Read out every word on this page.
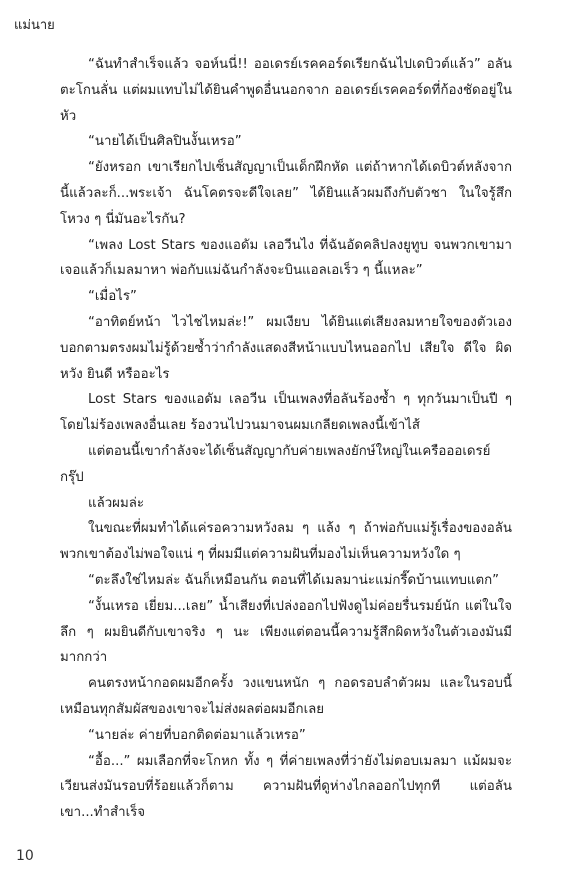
แม่นาย

“ฉันทำสำเร็จแล้ว จอห์นนี่!! ออเดรย์เรคคอร์ดเรียกฉันไปเดบิวต์แล้ว” อลันตะโกนลั่น แต่ผมแทบไม่ได้ยินคำพูดอื่นนอกจาก ออเดรย์เรคคอร์ดที่ก้องชัดอยู่ในหัว

“นายได้เป็นศิลปินงั้นเหรอ”

“ยังหรอก เขาเรียกไปเซ็นสัญญาเป็นเด็กฝึกหัด แต่ถ้าหากได้เดบิวต์หลังจากนี้แล้วละก็...พระเจ้า ฉันโคตรจะดีใจเลย” ได้ยินแล้วผมถึงกับตัวชา ในใจรู้สึกโหวง ๆ นี่มันอะไรกัน?

“เพลง Lost Stars ของแอดัม เลอวีนไง ที่ฉันอัดคลิปลงยูทูบ จนพวกเขามาเจอแล้วก็เมลมาหา พ่อกับแม่ฉันกำลังจะบินแอลเอเร็ว ๆ นี้แหละ”

“เมื่อไร”

“อาทิตย์หน้า ไวไชไหมล่ะ!” ผมเงียบ ได้ยินแต่เสียงลมหายใจของตัวเองบอกตามตรงผมไม่รู้ด้วยซ้ำว่ากำลังแสดงสีหน้าแบบไหนออกไป เสียใจ ดีใจ ผิดหวัง ยินดี หรืออะไร

Lost Stars ของแอดัม เลอวีน เป็นเพลงที่อลันร้องซ้ำ ๆ ทุกวันมาเป็นปี ๆ โดยไม่ร้องเพลงอื่นเลย ร้องวนไปวนมาจนผมเกลียดเพลงนี้เข้าไส้

แต่ตอนนี้เขากำลังจะได้เซ็นสัญญากับค่ายเพลงยักษ์ใหญ่ในเครือออเดรย์กรุ๊ป

แล้วผมล่ะ

ในขณะที่ผมทำได้แค่รอความหวังลม ๆ แล้ง ๆ ถ้าพ่อกับแม่รู้เรื่องของอลันพวกเขาต้องไม่พอใจแน่ ๆ ที่ผมมีแต่ความฝันที่มองไม่เห็นความหวังใด ๆ

“ตะลึงใช่ไหมล่ะ ฉันก็เหมือนกัน ตอนที่ได้เมลมาน่ะแม่กรี๊ดบ้านแทบแตก”

“งั้นเหรอ เยี่ยม...เลย” น้ำเสียงที่เปล่งออกไปฟังดูไม่ค่อยรื่นรมย์นัก แต่ในใจลึก ๆ ผมยินดีกับเขาจริง ๆ นะ เพียงแต่ตอนนี้ความรู้สึกผิดหวังในตัวเองมันมีมากกว่า

คนตรงหน้ากอดผมอีกครั้ง วงแขนหนัก ๆ กอดรอบลำตัวผม และในรอบนี้เหมือนทุกสัมผัสของเขาจะไม่ส่งผลต่อผมอีกเลย

“นายล่ะ ค่ายที่บอกติดต่อมาแล้วเหรอ”

“อื้อ...” ผมเลือกที่จะโกหก ทั้ง ๆ ที่ค่ายเพลงที่ว่ายังไม่ตอบเมลมา แม้ผมจะเวียนส่งมันรอบที่ร้อยแล้วก็ตาม ความฝันที่ดูห่างไกลออกไปทุกที แต่อลัน เขา...ทำสำเร็จ

10
